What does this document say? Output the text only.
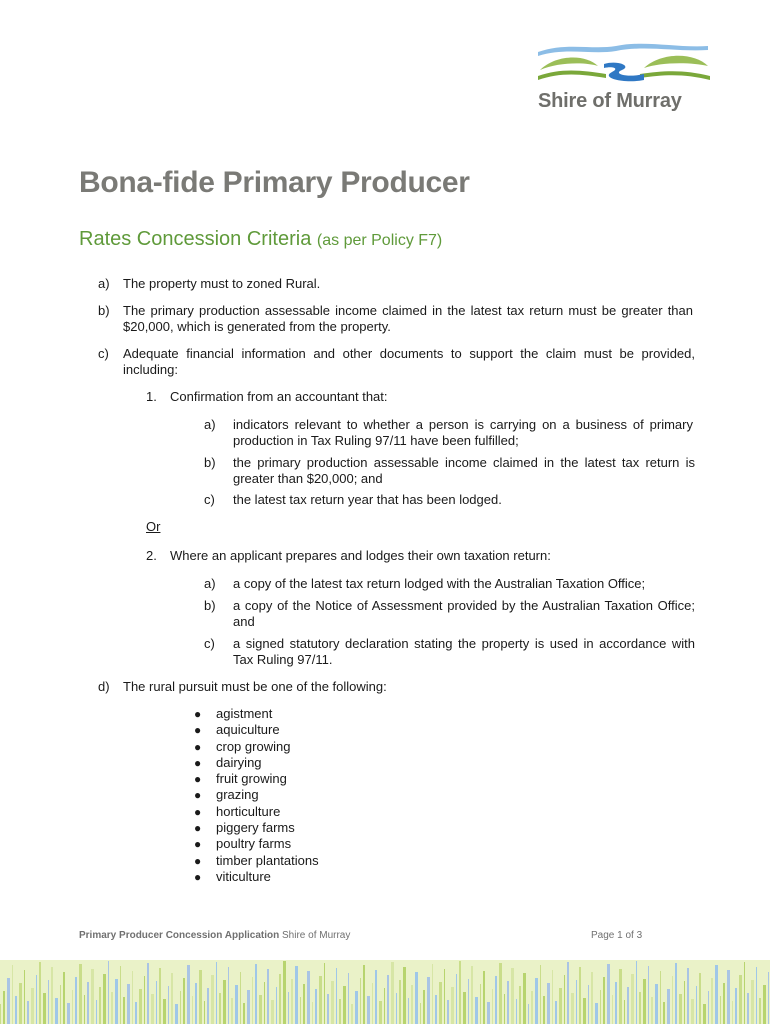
Shire of Murray
Bona-fide Primary Producer
Rates Concession Criteria (as per Policy F7)
a) The property must to zoned Rural.
b) The primary production assessable income claimed in the latest tax return must be greater than $20,000, which is generated from the property.
c) Adequate financial information and other documents to support the claim must be provided, including:
1. Confirmation from an accountant that:
a) indicators relevant to whether a person is carrying on a business of primary production in Tax Ruling 97/11 have been fulfilled;
b) the primary production assessable income claimed in the latest tax return is greater than $20,000; and
c) the latest tax return year that has been lodged.
Or
2. Where an applicant prepares and lodges their own taxation return:
a) a copy of the latest tax return lodged with the Australian Taxation Office;
b) a copy of the Notice of Assessment provided by the Australian Taxation Office; and
c) a signed statutory declaration stating the property is used in accordance with Tax Ruling 97/11.
d) The rural pursuit must be one of the following:
● agistment
● aquiculture
● crop growing
● dairying
● fruit growing
● grazing
● horticulture
● piggery farms
● poultry farms
● timber plantations
● viticulture
Primary Producer Concession Application Shire of Murray	Page 1 of 3
